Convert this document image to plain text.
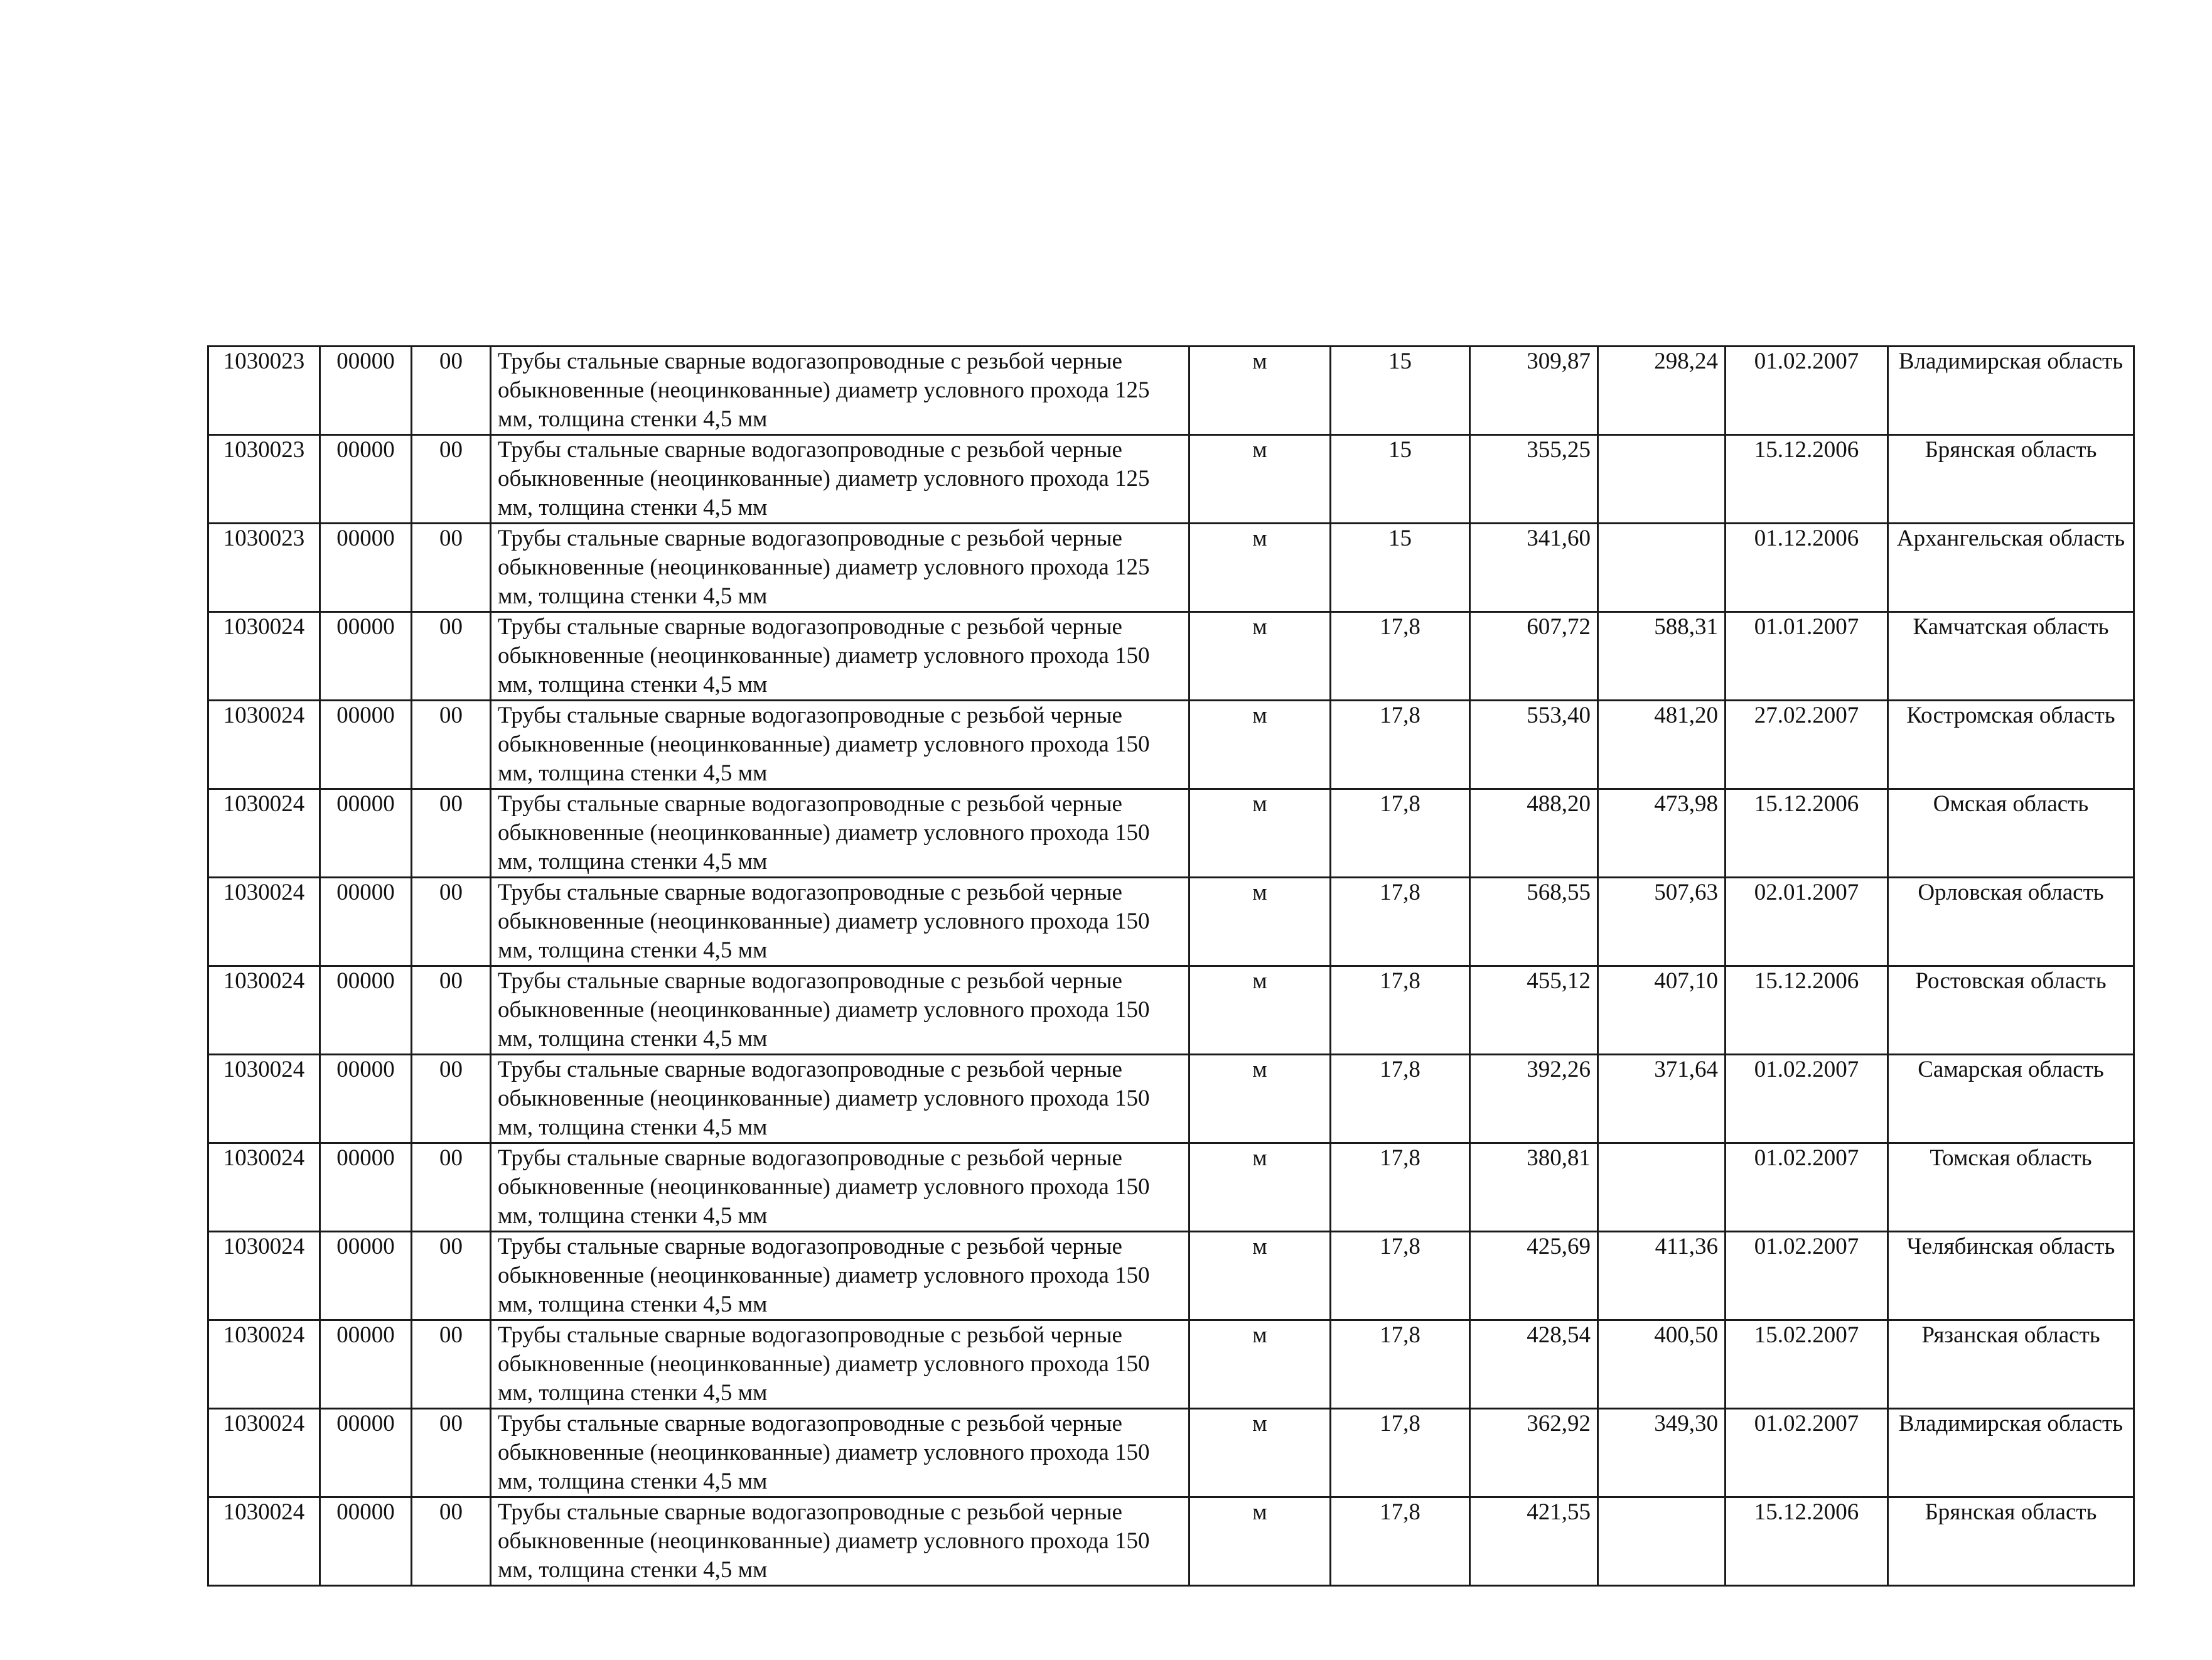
1030023	00000	00	Трубы стальные сварные водогазопроводные с резьбой черные обыкновенные (неоцинкованные) диаметр условного прохода 125 мм, толщина стенки 4,5 мм	м	15	309,87	298,24	01.02.2007	Владимирская область
1030023	00000	00	Трубы стальные сварные водогазопроводные с резьбой черные обыкновенные (неоцинкованные) диаметр условного прохода 125 мм, толщина стенки 4,5 мм	м	15	355,25		15.12.2006	Брянская область
1030023	00000	00	Трубы стальные сварные водогазопроводные с резьбой черные обыкновенные (неоцинкованные) диаметр условного прохода 125 мм, толщина стенки 4,5 мм	м	15	341,60		01.12.2006	Архангельская область
1030024	00000	00	Трубы стальные сварные водогазопроводные с резьбой черные обыкновенные (неоцинкованные) диаметр условного прохода 150 мм, толщина стенки 4,5 мм	м	17,8	607,72	588,31	01.01.2007	Камчатская область
1030024	00000	00	Трубы стальные сварные водогазопроводные с резьбой черные обыкновенные (неоцинкованные) диаметр условного прохода 150 мм, толщина стенки 4,5 мм	м	17,8	553,40	481,20	27.02.2007	Костромская область
1030024	00000	00	Трубы стальные сварные водогазопроводные с резьбой черные обыкновенные (неоцинкованные) диаметр условного прохода 150 мм, толщина стенки 4,5 мм	м	17,8	488,20	473,98	15.12.2006	Омская область
1030024	00000	00	Трубы стальные сварные водогазопроводные с резьбой черные обыкновенные (неоцинкованные) диаметр условного прохода 150 мм, толщина стенки 4,5 мм	м	17,8	568,55	507,63	02.01.2007	Орловская область
1030024	00000	00	Трубы стальные сварные водогазопроводные с резьбой черные обыкновенные (неоцинкованные) диаметр условного прохода 150 мм, толщина стенки 4,5 мм	м	17,8	455,12	407,10	15.12.2006	Ростовская область
1030024	00000	00	Трубы стальные сварные водогазопроводные с резьбой черные обыкновенные (неоцинкованные) диаметр условного прохода 150 мм, толщина стенки 4,5 мм	м	17,8	392,26	371,64	01.02.2007	Самарская область
1030024	00000	00	Трубы стальные сварные водогазопроводные с резьбой черные обыкновенные (неоцинкованные) диаметр условного прохода 150 мм, толщина стенки 4,5 мм	м	17,8	380,81		01.02.2007	Томская область
1030024	00000	00	Трубы стальные сварные водогазопроводные с резьбой черные обыкновенные (неоцинкованные) диаметр условного прохода 150 мм, толщина стенки 4,5 мм	м	17,8	425,69	411,36	01.02.2007	Челябинская область
1030024	00000	00	Трубы стальные сварные водогазопроводные с резьбой черные обыкновенные (неоцинкованные) диаметр условного прохода 150 мм, толщина стенки 4,5 мм	м	17,8	428,54	400,50	15.02.2007	Рязанская область
1030024	00000	00	Трубы стальные сварные водогазопроводные с резьбой черные обыкновенные (неоцинкованные) диаметр условного прохода 150 мм, толщина стенки 4,5 мм	м	17,8	362,92	349,30	01.02.2007	Владимирская область
1030024	00000	00	Трубы стальные сварные водогазопроводные с резьбой черные обыкновенные (неоцинкованные) диаметр условного прохода 150 мм, толщина стенки 4,5 мм	м	17,8	421,55		15.12.2006	Брянская область
